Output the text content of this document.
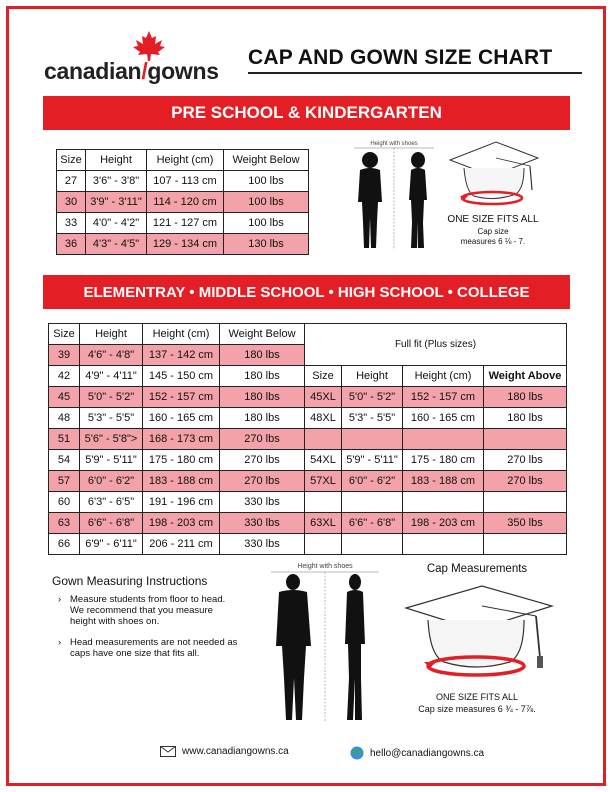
canadian/gowns
CAP AND GOWN SIZE CHART
PRE SCHOOL & KINDERGARTEN
Size	Height	Height (cm)	Weight Below
27	3'6" - 3'8"	107 - 113 cm	100 lbs
30	3'9" - 3'11"	114 - 120 cm	100 lbs
33	4'0" - 4'2"	121 - 127 cm	100 lbs
36	4'3" - 4'5"	129 - 134 cm	130 lbs
Height with shoes
ONE SIZE FITS ALL
Cap size
measures 6 ⅛ - 7.
ELEMENTRAY • MIDDLE SCHOOL • HIGH SCHOOL • COLLEGE
Size	Height	Height (cm)	Weight Below	Full fit (Plus sizes)			
39	4'6" - 4'8"	137 - 142 cm	180 lbs				
42	4'9" - 4'11"	145 - 150 cm	180 lbs	Size	Height	Height (cm)	Weight Above
45	5'0" - 5'2"	152 - 157 cm	180 lbs	45XL	5'0" - 5'2"	152 - 157 cm	180 lbs
48	5'3" - 5'5"	160 - 165 cm	180 lbs	48XL	5'3" - 5'5"	160 - 165 cm	180 lbs
51	5'6" - 5'8">	168 - 173 cm	270 lbs				
54	5'9" - 5'11"	175 - 180 cm	270 lbs	54XL	5'9" - 5'11"	175 - 180 cm	270 lbs
57	6'0" - 6'2"	183 - 188 cm	270 lbs	57XL	6'0" - 6'2"	183 - 188 cm	270 lbs
60	6'3" - 6'5"	191 - 196 cm	330 lbs				
63	6'6" - 6'8"	198 - 203 cm	330 lbs	63XL	6'6" - 6'8"	198 - 203 cm	350 lbs
66	6'9" - 6'11"	206 - 211 cm	330 lbs				
Gown Measuring Instructions
› Measure students from floor to head. We recommend that you measure height with shoes on.
› Head measurements are not needed as caps have one size that fits all.
Height with shoes	Cap Measurements
ONE SIZE FITS ALL
Cap size measures 6 ¾ - 7⅞.
www.canadiangowns.ca	hello@canadiangowns.ca
